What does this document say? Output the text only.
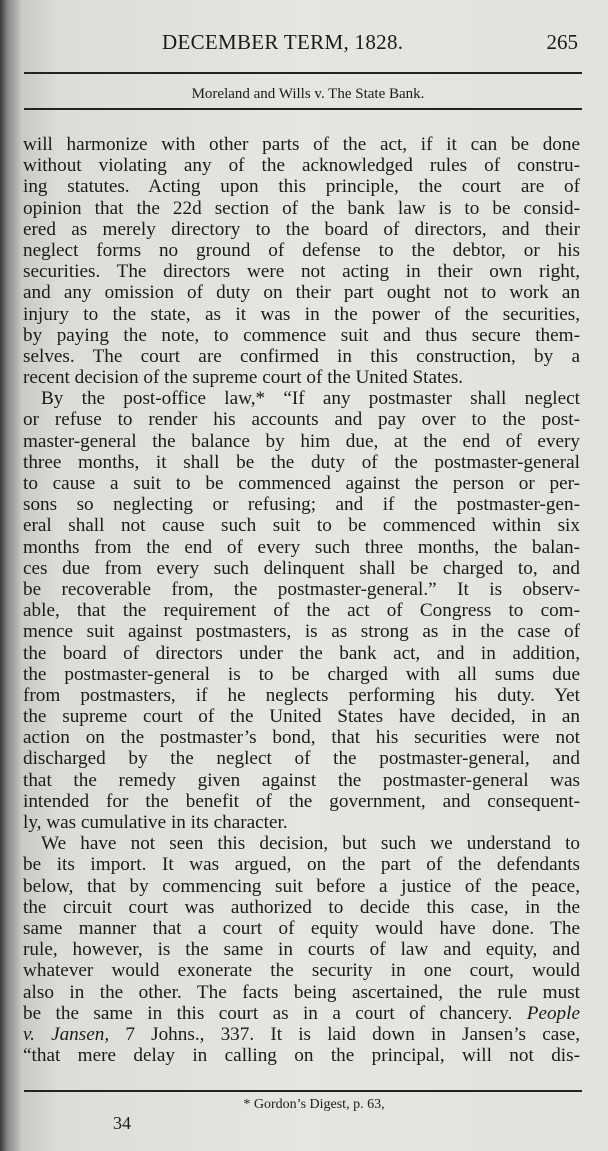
DECEMBER TERM, 1828.	265
Moreland and Wills v. The State Bank.
will harmonize with other parts of the act, if it can be done
without violating any of the acknowledged rules of constru-
ing statutes. Acting upon this principle, the court are of
opinion that the 22d section of the bank law is to be consid-
ered as merely directory to the board of directors, and their
neglect forms no ground of defense to the debtor, or his
securities. The directors were not acting in their own right,
and any omission of duty on their part ought not to work an
injury to the state, as it was in the power of the securities,
by paying the note, to commence suit and thus secure them-
selves. The court are confirmed in this construction, by a
recent decision of the supreme court of the United States.
By the post-office law,* “If any postmaster shall neglect
or refuse to render his accounts and pay over to the post-
master-general the balance by him due, at the end of every
three months, it shall be the duty of the postmaster-general
to cause a suit to be commenced against the person or per-
sons so neglecting or refusing; and if the postmaster-gen-
eral shall not cause such suit to be commenced within six
months from the end of every such three months, the balan-
ces due from every such delinquent shall be charged to, and
be recoverable from, the postmaster-general.” It is observ-
able, that the requirement of the act of Congress to com-
mence suit against postmasters, is as strong as in the case of
the board of directors under the bank act, and in addition,
the postmaster-general is to be charged with all sums due
from postmasters, if he neglects performing his duty. Yet
the supreme court of the United States have decided, in an
action on the postmaster’s bond, that his securities were not
discharged by the neglect of the postmaster-general, and
that the remedy given against the postmaster-general was
intended for the benefit of the government, and consequent-
ly, was cumulative in its character.
We have not seen this decision, but such we understand to
be its import. It was argued, on the part of the defendants
below, that by commencing suit before a justice of the peace,
the circuit court was authorized to decide this case, in the
same manner that a court of equity would have done. The
rule, however, is the same in courts of law and equity, and
whatever would exonerate the security in one court, would
also in the other. The facts being ascertained, the rule must
be the same in this court as in a court of chancery. People
v. Jansen, 7 Johns., 337. It is laid down in Jansen’s case,
“that mere delay in calling on the principal, will not dis-
* Gordon’s Digest, p. 63,
34
